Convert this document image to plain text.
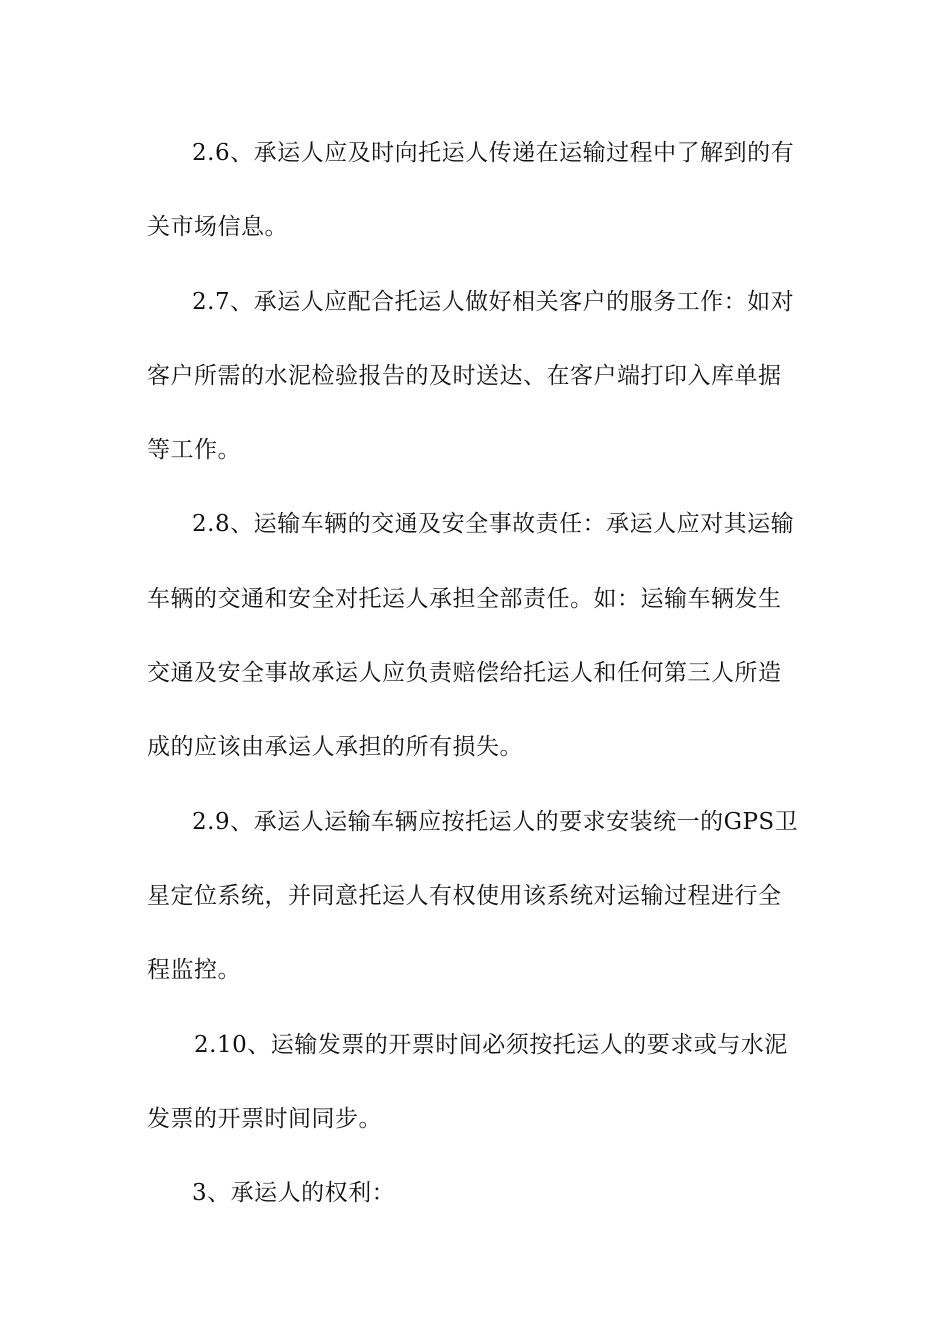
2.6、承运人应及时向托运人传递在运输过程中了解到的有
关市场信息。
2.7、承运人应配合托运人做好相关客户的服务工作：如对
客户所需的水泥检验报告的及时送达、在客户端打印入库单据
等工作。
2.8、运输车辆的交通及安全事故责任：承运人应对其运输
车辆的交通和安全对托运人承担全部责任。如：运输车辆发生
交通及安全事故承运人应负责赔偿给托运人和任何第三人所造
成的应该由承运人承担的所有损失。
2.9、承运人运输车辆应按托运人的要求安装统一的GPS卫
星定位系统，并同意托运人有权使用该系统对运输过程进行全
程监控。
2.10、运输发票的开票时间必须按托运人的要求或与水泥
发票的开票时间同步。
3、承运人的权利：
